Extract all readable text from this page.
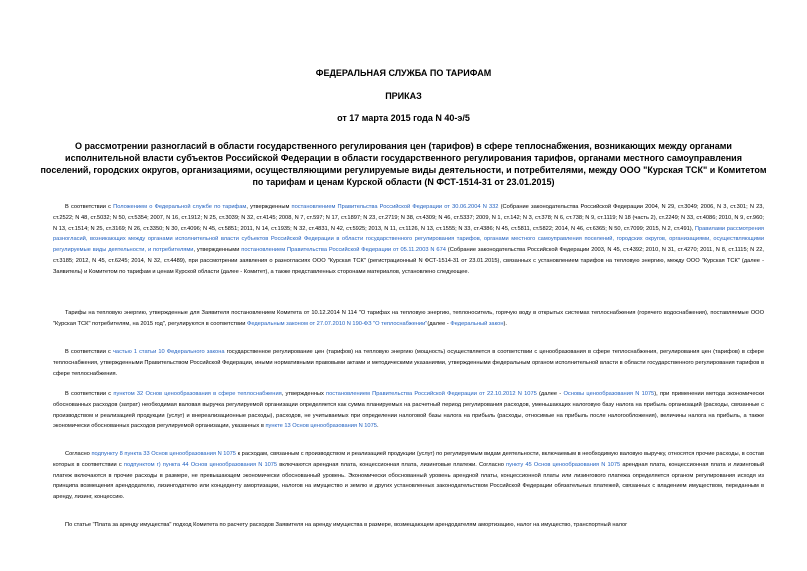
ФЕДЕРАЛЬНАЯ СЛУЖБА ПО ТАРИФАМ
ПРИКАЗ
от 17 марта 2015 года N 40-э/5
О рассмотрении разногласий в области государственного регулирования цен (тарифов) в сфере теплоснабжения, возникающих между органами исполнительной власти субъектов Российской Федерации в области государственного регулирования тарифов, органами местного самоуправления поселений, городских округов, организациями, осуществляющими регулируемые виды деятельности, и потребителями, между ООО "Курская ТСК" и Комитетом по тарифам и ценам Курской области (N ФСТ-1514-31 от 23.01.2015)

В соответствии с Положением о Федеральной службе по тарифам, утвержденным постановлением Правительства Российской Федерации от 30.06.2004 N 332 (Собрание законодательства Российской Федерации 2004, N 29, ст.3049; 2006, N 3, ст.301; N 23, ст.2522; N 48, ст.5032; N 50, ст.5354; 2007, N 16, ст.1912; N 25, ст.3039; N 32, ст.4145; 2008, N 7, ст.597; N 17, ст.1897; N 23, ст.2719; N 38, ст.4309; N 46, ст.5337; 2009, N 1, ст.142; N 3, ст.378; N 6, ст.738; N 9, ст.1119; N 18 (часть 2), ст.2249; N 33, ст.4086; 2010, N 9, ст.960; N 13, ст.1514; N 25, ст.3169; N 26, ст.3350; N 30, ст.4096; N 45, ст.5851; 2011, N 14, ст.1935; N 32, ст.4831, N 42, ст.5925; 2013, N 11, ст.1126, N 13, ст.1555; N 33, ст.4386; N 45, ст.5811, ст.5822; 2014, N 46, ст.6365; N 50, ст.7099; 2015, N 2, ст.491), Правилами рассмотрения разногласий, возникающих между органами исполнительной власти субъектов Российской Федерации в области государственного регулирования тарифов, органами местного самоуправления поселений, городских округов, организациями, осуществляющими регулируемые виды деятельности, и потребителями, утвержденными постановлением Правительства Российской Федерации от 05.11.2003 N 674 (Собрание законодательства Российской Федерации 2003, N 45, ст.4392; 2010, N 31, ст.4270; 2011, N 8, ст.1115; N 22, ст.3185; 2012, N 45, ст.6245; 2014, N 32, ст.4489), при рассмотрении заявления о разногласиях ООО "Курская ТСК" (регистрационный N ФСТ-1514-31 от 23.01.2015), связанных с установлением тарифов на тепловую энергию, между ООО "Курская ТСК" (далее - Заявитель) и Комитетом по тарифам и ценам Курской области (далее - Комитет), а также представленных сторонами материалов, установлено следующее.

Тарифы на тепловую энергию, утвержденные для Заявителя постановлением Комитета от 10.12.2014 N 114 "О тарифах на тепловую энергию, теплоноситель, горячую воду в открытых системах теплоснабжения (горячего водоснабжения), поставляемые ООО "Курская ТСК" потребителям, на 2015 год", регулируются в соответствии Федеральным законом от 27.07.2010 N 190-ФЗ "О теплоснабжении"(далее - Федеральный закон).

В соответствии с частью 1 статьи 10 Федерального закона государственное регулирование цен (тарифов) на тепловую энергию (мощность) осуществляется в соответствии с ценообразования в сфере теплоснабжения, регулирования цен (тарифов) в сфере теплоснабжения, утвержденными Правительством Российской Федерации, иными нормативными правовыми актами и методическими указаниями, утвержденными федеральным органом исполнительной власти в области государственного регулирования тарифов в сфере теплоснабжения.

В соответствии с пунктом 32 Основ ценообразования в сфере теплоснабжения, утвержденных постановлением Правительства Российской Федерации от 22.10.2012 N 1075 (далее - Основы ценообразования N 1075), при применении метода экономически обоснованных расходов (затрат) необходимая валовая выручка регулируемой организации определяется как сумма планируемых на расчетный период регулирования расходов, уменьшающих налоговую базу налога на прибыль организаций (расходы, связанные с производством и реализацией продукции (услуг) и внереализационные расходы), расходов, не учитываемых при определении налоговой базы налога на прибыль (расходы, относимые на прибыль после налогообложения), величины налога на прибыль, а также экономически обоснованных расходов регулируемой организации, указанных в пункте 13 Основ ценообразования N 1075.

Согласно подпункту 8 пункта 33 Основ ценообразования N 1075 к расходам, связанным с производством и реализацией продукции (услуг) по регулируемым видам деятельности, включаемым в необходимую валовую выручку, относятся прочие расходы, в состав которых в соответствии с подпунктом г) пункта 44 Основ ценообразования N 1075 включаются арендная плата, концессионная плата, лизинговые платежи. Согласно пункту 45 Основ ценообразования N 1075 арендная плата, концессионная плата и лизинговый платеж включаются в прочие расходы в размере, не превышающем экономически обоснованный уровень. Экономически обоснованный уровень арендной платы, концессионной платы или лизингового платежа определяется органом регулирования исходя из принципа возмещения арендодателю, лизингодателю или концеденту амортизации, налогов на имущество и землю и других установленных законодательством Российской Федерации обязательных платежей, связанных с владением имуществом, переданным в аренду, лизинг, концессию.

По статье "Плата за аренду имущества" подход Комитета по расчету расходов Заявителя на аренду имущества в размере, возмещающем арендодателям амортизацию, налог на имущество, транспортный налог
